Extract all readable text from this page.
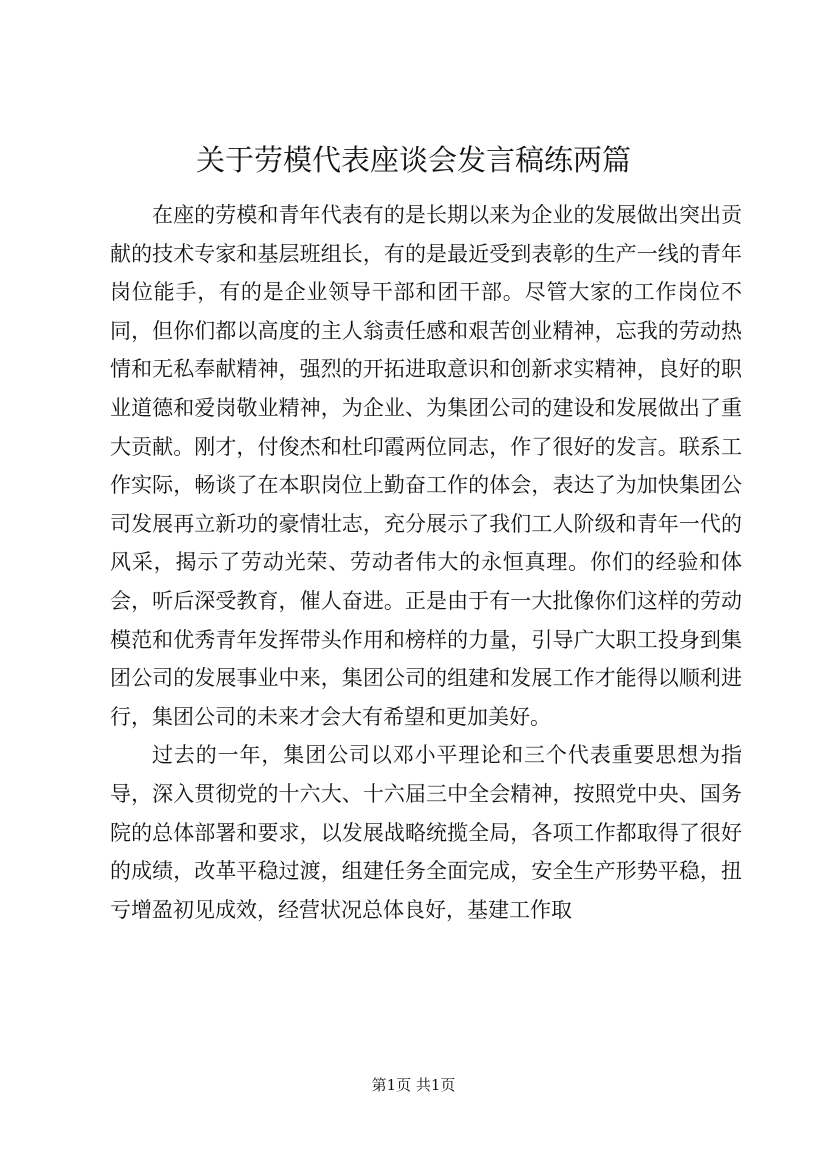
关于劳模代表座谈会发言稿练两篇

在座的劳模和青年代表有的是长期以来为企业的发展做出突出贡献的技术专家和基层班组长，有的是最近受到表彰的生产一线的青年岗位能手，有的是企业领导干部和团干部。尽管大家的工作岗位不同，但你们都以高度的主人翁责任感和艰苦创业精神，忘我的劳动热情和无私奉献精神，强烈的开拓进取意识和创新求实精神，良好的职业道德和爱岗敬业精神，为企业、为集团公司的建设和发展做出了重大贡献。刚才，付俊杰和杜印霞两位同志，作了很好的发言。联系工作实际，畅谈了在本职岗位上勤奋工作的体会，表达了为加快集团公司发展再立新功的豪情壮志，充分展示了我们工人阶级和青年一代的风采，揭示了劳动光荣、劳动者伟大的永恒真理。你们的经验和体会，听后深受教育，催人奋进。正是由于有一大批像你们这样的劳动模范和优秀青年发挥带头作用和榜样的力量，引导广大职工投身到集团公司的发展事业中来，集团公司的组建和发展工作才能得以顺利进行，集团公司的未来才会大有希望和更加美好。

过去的一年，集团公司以邓小平理论和三个代表重要思想为指导，深入贯彻党的十六大、十六届三中全会精神，按照党中央、国务院的总体部署和要求，以发展战略统揽全局，各项工作都取得了很好的成绩，改革平稳过渡，组建任务全面完成，安全生产形势平稳，扭亏增盈初见成效，经营状况总体良好，基建工作取

第1页 共1页
